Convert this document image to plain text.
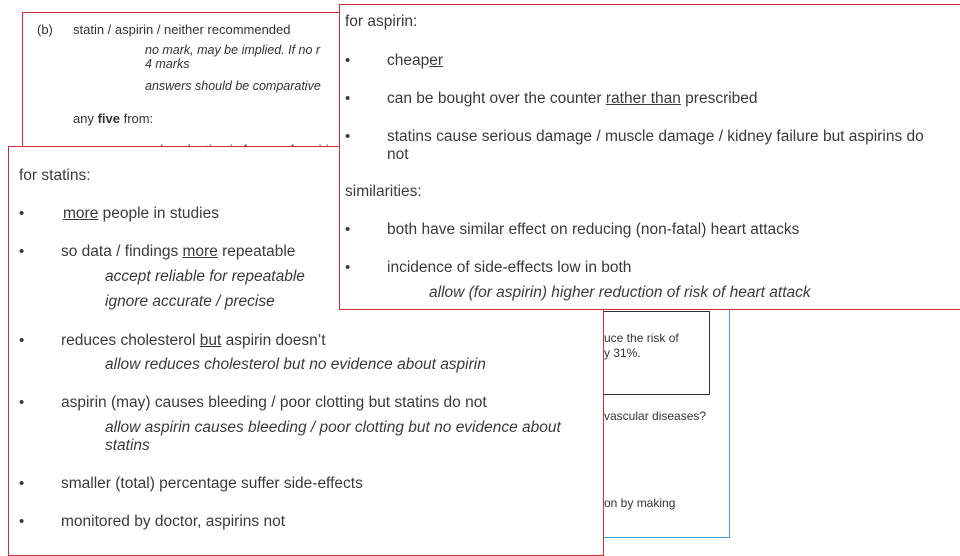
uce the risk of
y 31%.
vascular diseases?
on by making
(b) statin / aspirin / neither recommended
no mark, may be implied. If no r
4 marks
answers should be comparative
any five from:
for statins:
• more people in studies
• so data / findings more repeatable
accept reliable for repeatable
ignore accurate / precise
• reduces cholesterol but aspirin doesn’t
allow reduces cholesterol but no evidence about aspirin
• aspirin (may) causes bleeding / poor clotting but statins do not
allow aspirin causes bleeding / poor clotting but no evidence about
statins
• smaller (total) percentage suffer side-effects
• monitored by doctor, aspirins not
for aspirin:
• cheaper
• can be bought over the counter rather than prescribed
• statins cause serious damage / muscle damage / kidney failure but aspirins do
not
similarities:
• both have similar effect on reducing (non-fatal) heart attacks
• incidence of side-effects low in both
allow (for aspirin) higher reduction of risk of heart attack
